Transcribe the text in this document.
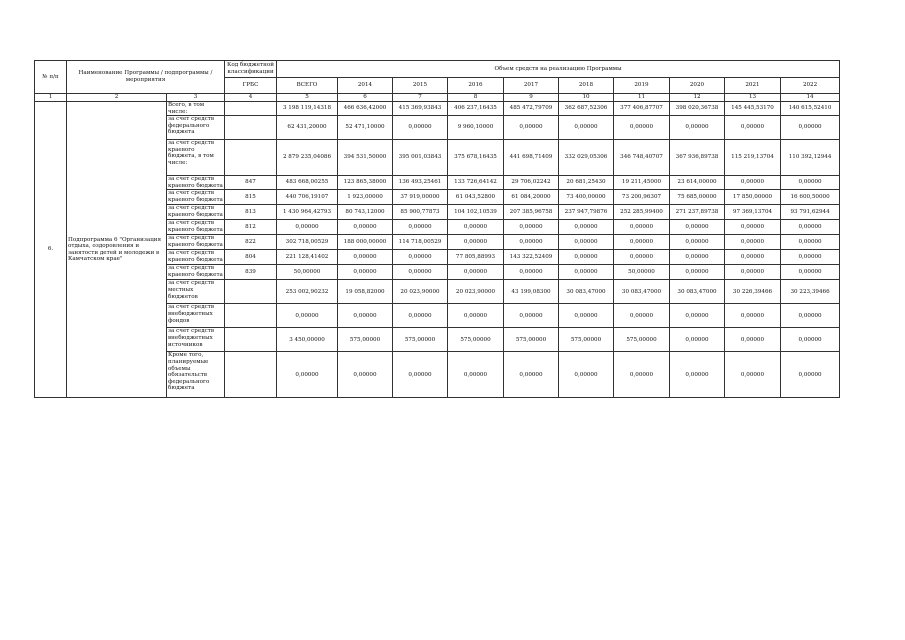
№ п/п	Наименование Программы / подпрограммы / мероприятия		Код бюджетной классификации	Объем средств на реализацию Программы									
			ГРБС	ВСЕГО	2014	2015	2016	2017	2018	2019	2020	2021	2022

1	2	3	4	5	6	7	8	9	10	11	12	13	14
6.	Подпрограмма 6 "Организация отдыха, оздоровления и занятости детей и молодежи в Камчатском крае"	Всего, в том числе:		3 198 119,14318	466 636,42000	415 369,93843	406 237,16435	485 472,79709	362 687,52306	377 406,87707	398 020,36738	145 445,53170	140 615,52410
		за счет средств федерального бюджета		62 431,20000	52 471,10000	0,00000	9 960,10000	0,00000	0,00000	0,00000	0,00000	0,00000	0,00000
		за счет средств краевого бюджета, в том числе:		2 879 235,04086	394 531,50000	395 001,03843	375 678,16435	441 698,71409	332 029,05306	346 748,40707	367 936,89738	115 219,13704	110 392,12944
		за счет средств краевого бюджета	847	483 668,00255	123 865,38000	136 493,25461	133 726,64142	29 706,02242	20 681,25430	19 211,45000	23 614,00000	0,00000	0,00000
		за счет средств краевого бюджета	815	440 706,19107	1 923,00000	37 919,00000	61 043,52800	61 084,20000	73 400,00000	73 200,96307	75 685,00000	17 850,00000	16 600,50000
		за счет средств краевого бюджета	813	1 430 964,42793	80 743,12000	85 900,77873	104 102,10539	207 385,96758	237 947,79876	252 285,99400	271 237,89738	97 369,13704	93 791,62944
		за счет средств краевого бюджета	812	0,00000	0,00000	0,00000	0,00000	0,00000	0,00000	0,00000	0,00000	0,00000	0,00000
		за счет средств краевого бюджета	822	302 718,00529	188 000,00000	114 718,00529	0,00000	0,00000	0,00000	0,00000	0,00000	0,00000	0,00000
		за счет средств краевого бюджета	804	221 128,41402	0,00000	0,00000	77 805,88993	143 322,52409	0,00000	0,00000	0,00000	0,00000	0,00000
		за счет средств краевого бюджета	839	50,00000	0,00000	0,00000	0,00000	0,00000	0,00000	50,00000	0,00000	0,00000	0,00000
		за счет средств местных бюджетов		253 002,90232	19 058,82000	20 023,90000	20 023,90000	43 199,08300	30 083,47000	30 083,47000	30 083,47000	30 226,39466	30 223,39466
		за счет средств внебюджетных фондов		0,00000	0,00000	0,00000	0,00000	0,00000	0,00000	0,00000	0,00000	0,00000	0,00000
		за счет средств внебюджетных источников		3 450,00000	575,00000	575,00000	575,00000	575,00000	575,00000	575,00000	0,00000	0,00000	0,00000
		Кроме того, планируемые объемы обязательств федерального бюджета		0,00000	0,00000	0,00000	0,00000	0,00000	0,00000	0,00000	0,00000	0,00000	0,00000
